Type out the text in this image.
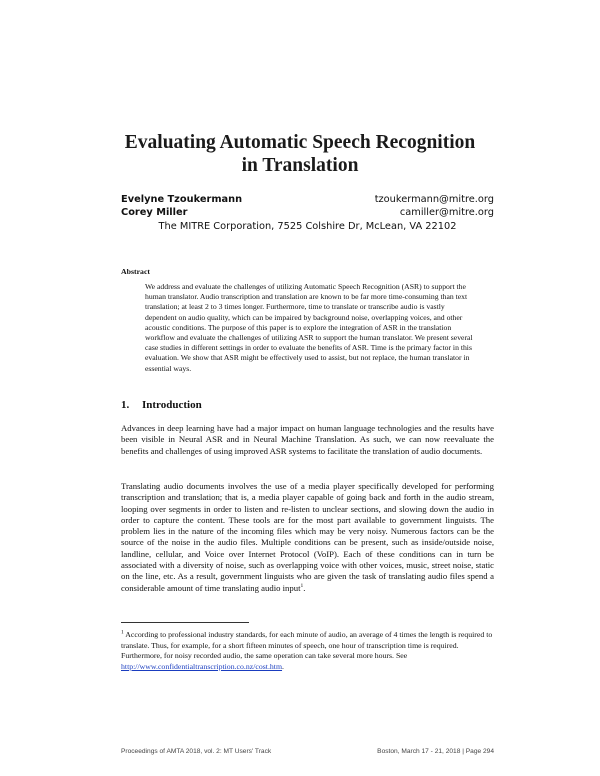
Evaluating Automatic Speech Recognition
in Translation
Evelyne Tzoukermann	tzoukermann@mitre.org
Corey Miller	camiller@mitre.org
The MITRE Corporation, 7525 Colshire Dr, McLean, VA 22102
Abstract
We address and evaluate the challenges of utilizing Automatic Speech Recognition (ASR) to support the human translator. Audio transcription and translation are known to be far more time-consuming than text translation; at least 2 to 3 times longer. Furthermore, time to translate or transcribe audio is vastly dependent on audio quality, which can be impaired by background noise, overlapping voices, and other acoustic conditions. The purpose of this paper is to explore the integration of ASR in the translation workflow and evaluate the challenges of utilizing ASR to support the human translator. We present several case studies in different settings in order to evaluate the benefits of ASR. Time is the primary factor in this evaluation. We show that ASR might be effectively used to assist, but not replace, the human translator in essential ways.
1. Introduction
Advances in deep learning have had a major impact on human language technologies and the results have been visible in Neural ASR and in Neural Machine Translation. As such, we can now reevaluate the benefits and challenges of using improved ASR systems to facilitate the translation of audio documents.
Translating audio documents involves the use of a media player specifically developed for performing transcription and translation; that is, a media player capable of going back and forth in the audio stream, looping over segments in order to listen and re-listen to unclear sections, and slowing down the audio in order to capture the content. These tools are for the most part available to government linguists. The problem lies in the nature of the incoming files which may be very noisy. Numerous factors can be the source of the noise in the audio files. Multiple conditions can be present, such as inside/outside noise, landline, cellular, and Voice over Internet Protocol (VoIP). Each of these conditions can in turn be associated with a diversity of noise, such as overlapping voice with other voices, music, street noise, static on the line, etc. As a result, government linguists who are given the task of translating audio files spend a considerable amount of time translating audio input$^1$.
$^1$ According to professional industry standards, for each minute of audio, an average of 4 times the length is required to translate. Thus, for example, for a short fifteen minutes of speech, one hour of transcription time is required. Furthermore, for noisy recorded audio, the same operation can take several more hours. See http://www.confidentialtranscription.co.nz/cost.htm.
Proceedings of AMTA 2018, vol. 2: MT Users' Track	Boston, March 17 - 21, 2018 | Page 294
